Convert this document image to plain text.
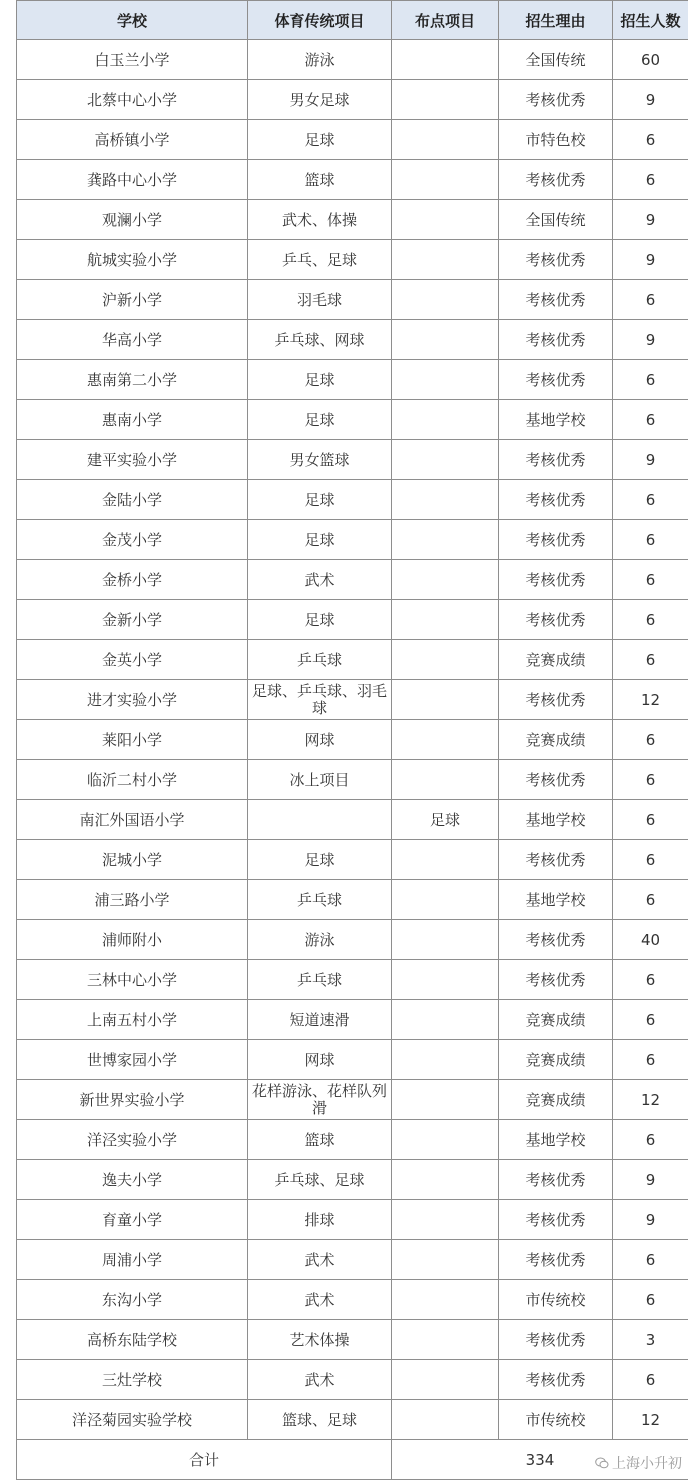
学校	体育传统项目	布点项目	招生理由	招生人数
白玉兰小学	游泳		全国传统	60
北蔡中心小学	男女足球		考核优秀	9
高桥镇小学	足球		市特色校	6
龚路中心小学	篮球		考核优秀	6
观澜小学	武术、体操		全国传统	9
航城实验小学	乒乓、足球		考核优秀	9
沪新小学	羽毛球		考核优秀	6
华高小学	乒乓球、网球		考核优秀	9
惠南第二小学	足球		考核优秀	6
惠南小学	足球		基地学校	6
建平实验小学	男女篮球		考核优秀	9
金陆小学	足球		考核优秀	6
金茂小学	足球		考核优秀	6
金桥小学	武术		考核优秀	6
金新小学	足球		考核优秀	6
金英小学	乒乓球		竞赛成绩	6
进才实验小学	足球、乒乓球、羽毛球		考核优秀	12
莱阳小学	网球		竞赛成绩	6
临沂二村小学	冰上项目		考核优秀	6
南汇外国语小学		足球	基地学校	6
泥城小学	足球		考核优秀	6
浦三路小学	乒乓球		基地学校	6
浦师附小	游泳		考核优秀	40
三林中心小学	乒乓球		考核优秀	6
上南五村小学	短道速滑		竞赛成绩	6
世博家园小学	网球		竞赛成绩	6
新世界实验小学	花样游泳、花样队列滑		竞赛成绩	12
洋泾实验小学	篮球		基地学校	6
逸夫小学	乒乓球、足球		考核优秀	9
育童小学	排球		考核优秀	9
周浦小学	武术		考核优秀	6
东沟小学	武术		市传统校	6
高桥东陆学校	艺术体操		考核优秀	3
三灶学校	武术		考核优秀	6
洋泾菊园实验学校	篮球、足球		市传统校	12
合计		334			上海小升初
